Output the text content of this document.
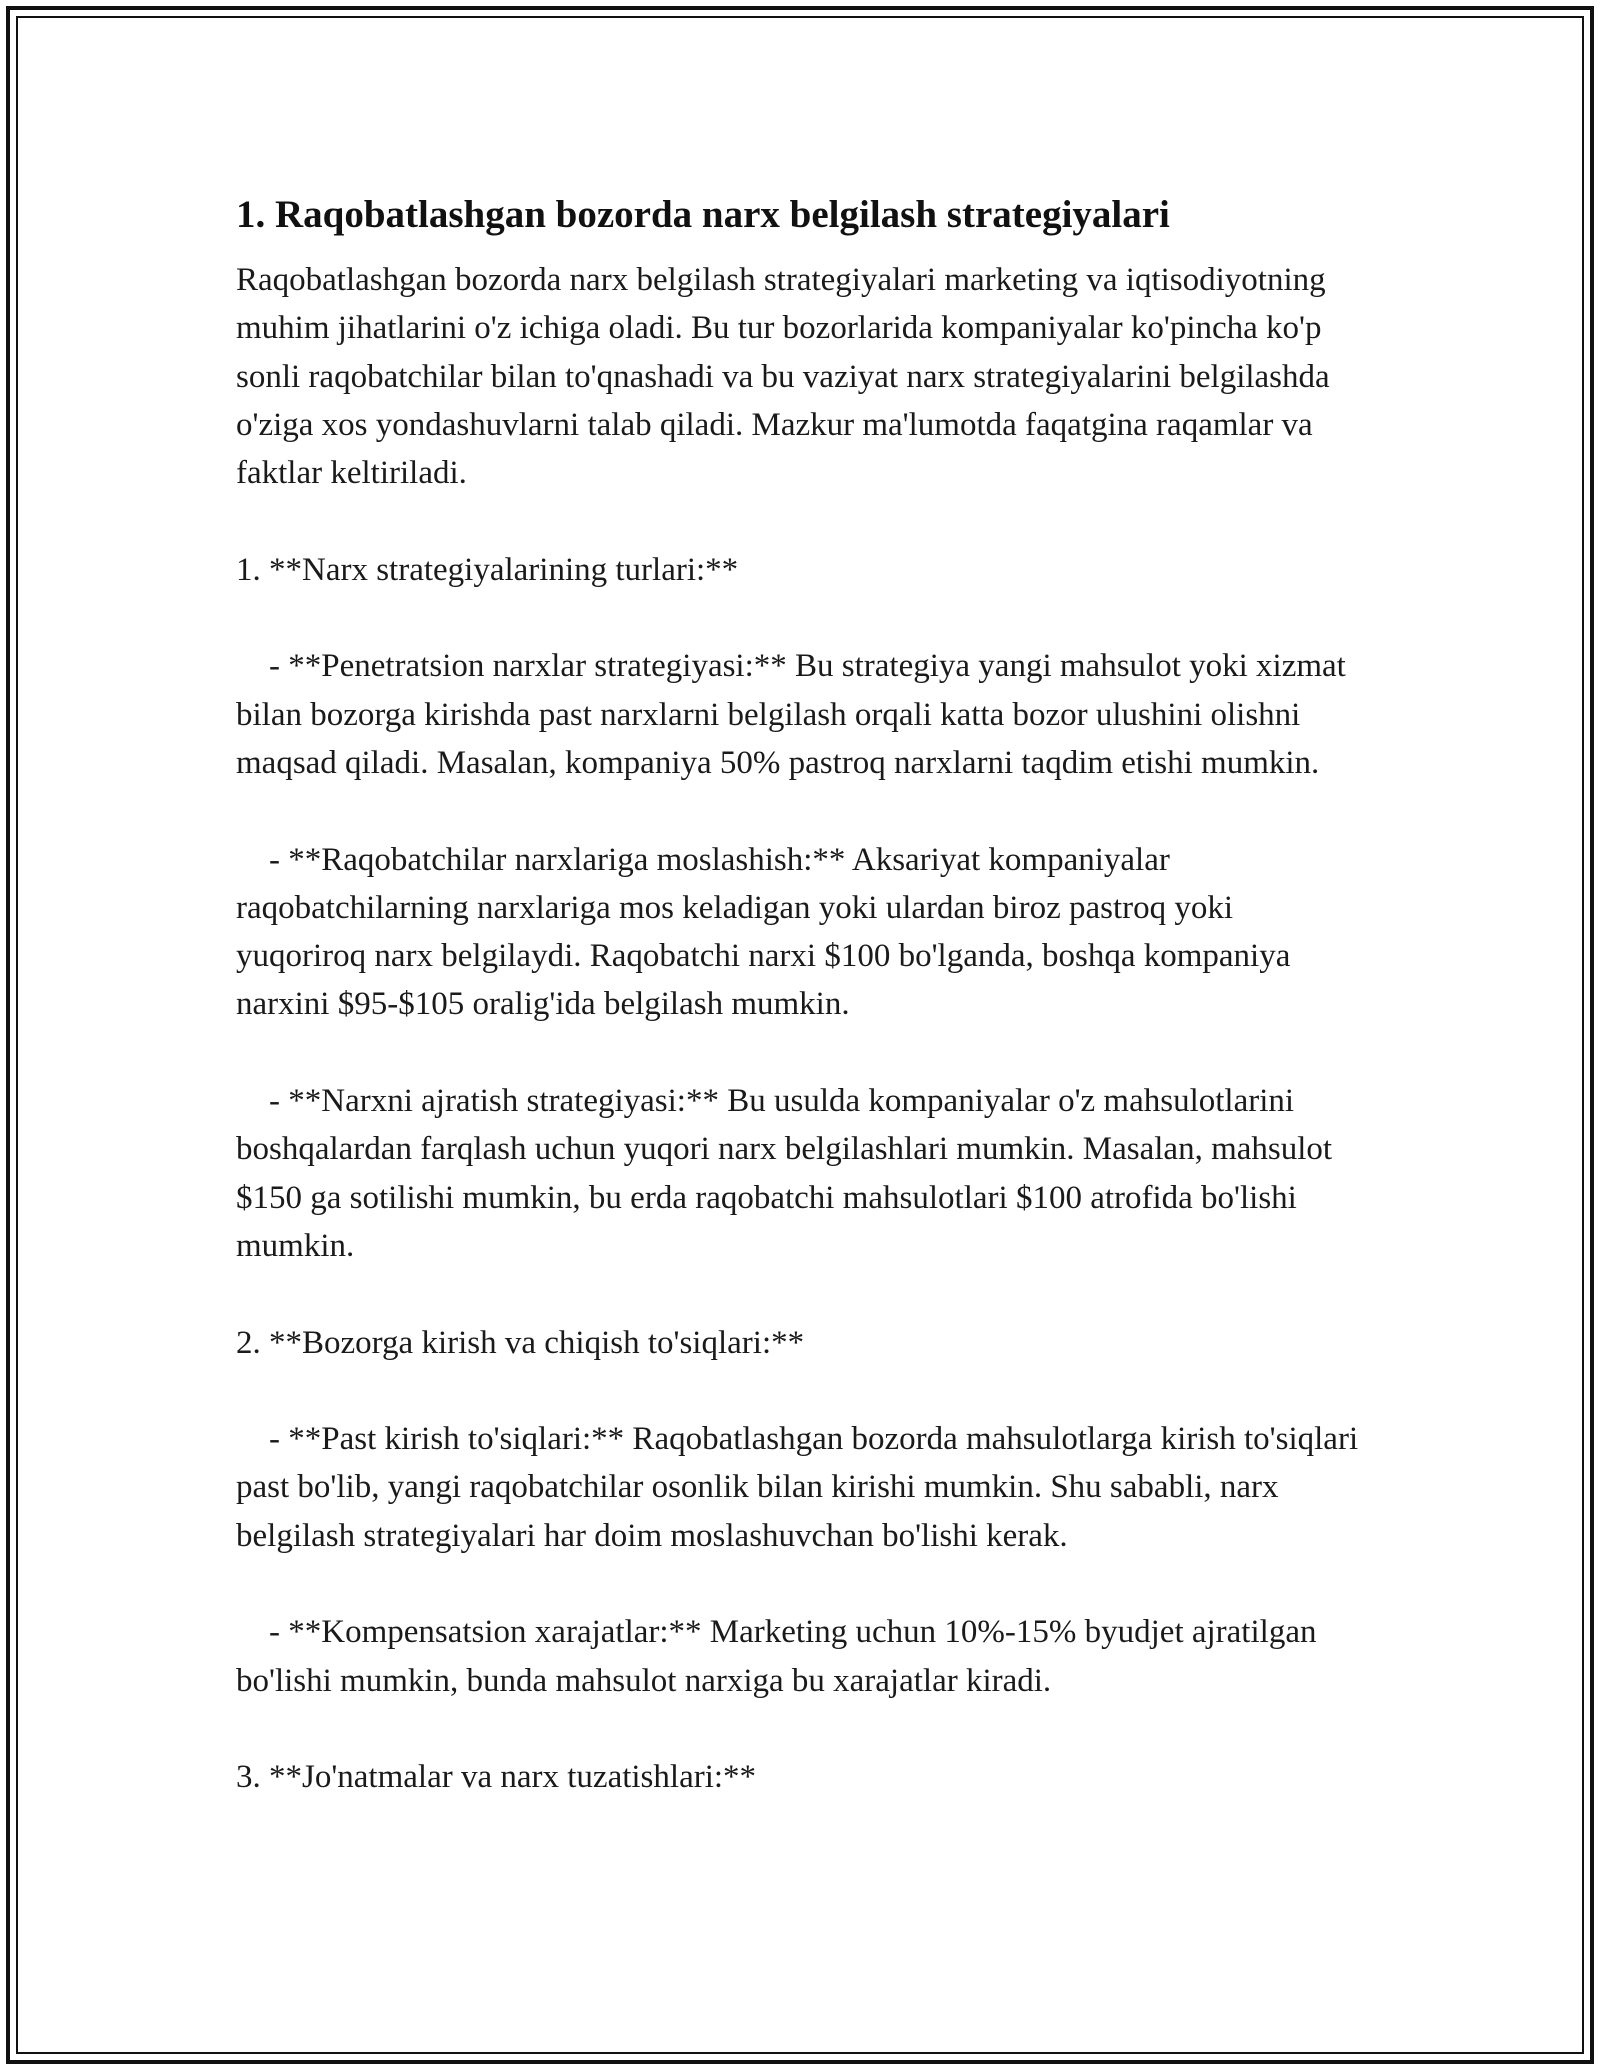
1. Raqobatlashgan bozorda narx belgilash strategiyalari

Raqobatlashgan bozorda narx belgilash strategiyalari marketing va iqtisodiyotning muhim jihatlarini o'z ichiga oladi. Bu tur bozorlarida kompaniyalar ko'pincha ko'p sonli raqobatchilar bilan to'qnashadi va bu vaziyat narx strategiyalarini belgilashda o'ziga xos yondashuvlarni talab qiladi. Mazkur ma'lumotda faqatgina raqamlar va faktlar keltiriladi.

1. **Narx strategiyalarining turlari:**

- **Penetratsion narxlar strategiyasi:** Bu strategiya yangi mahsulot yoki xizmat bilan bozorga kirishda past narxlarni belgilash orqali katta bozor ulushini olishni maqsad qiladi. Masalan, kompaniya 50% pastroq narxlarni taqdim etishi mumkin.

- **Raqobatchilar narxlariga moslashish:** Aksariyat kompaniyalar raqobatchilarning narxlariga mos keladigan yoki ulardan biroz pastroq yoki yuqoriroq narx belgilaydi. Raqobatchi narxi $100 bo'lganda, boshqa kompaniya narxini $95-$105 oralig'ida belgilash mumkin.

- **Narxni ajratish strategiyasi:** Bu usulda kompaniyalar o'z mahsulotlarini boshqalardan farqlash uchun yuqori narx belgilashlari mumkin. Masalan, mahsulot $150 ga sotilishi mumkin, bu erda raqobatchi mahsulotlari $100 atrofida bo'lishi mumkin.

2. **Bozorga kirish va chiqish to'siqlari:**

- **Past kirish to'siqlari:** Raqobatlashgan bozorda mahsulotlarga kirish to'siqlari past bo'lib, yangi raqobatchilar osonlik bilan kirishi mumkin. Shu sababli, narx belgilash strategiyalari har doim moslashuvchan bo'lishi kerak.

- **Kompensatsion xarajatlar:** Marketing uchun 10%-15% byudjet ajratilgan bo'lishi mumkin, bunda mahsulot narxiga bu xarajatlar kiradi.

3. **Jo'natmalar va narx tuzatishlari:**
